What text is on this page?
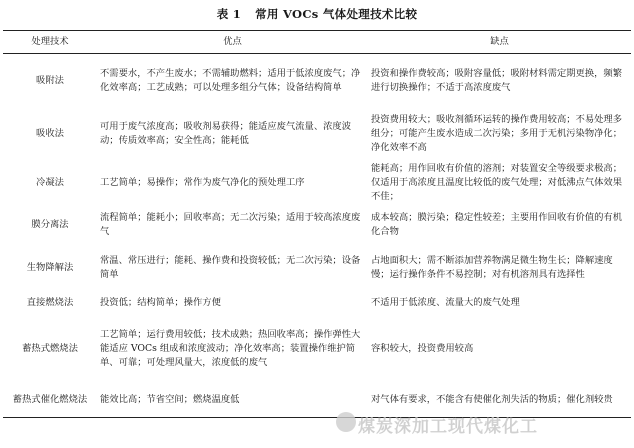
表 1 常用 VOCs 气体处理技术比较
处理技术	优点	缺点
吸附法	不需要水，不产生废水；不需辅助燃料；适用于低浓度废气；净化效率高；工艺成熟；可以处理多组分气体；设备结构简单	投资和操作费较高；吸附容量低；吸附材料需定期更换，频繁进行切换操作；不适于高浓度废气
吸收法	可用于废气浓度高；吸收剂易获得；能适应废气流量、浓度波动；传质效率高；安全性高；能耗低	投资费用较大；吸收剂循环运转的操作费用较高；不易处理多组分；可能产生废水造成二次污染；多用于无机污染物净化；净化效率不高
冷凝法	工艺简单；易操作；常作为废气净化的预处理工序	能耗高；用作回收有价值的溶剂；对装置安全等级要求极高；仅适用于高浓度且温度比较低的废气处理；对低沸点气体效果不佳；
膜分离法	流程简单；能耗小；回收率高；无二次污染；适用于较高浓度废气	成本较高；膜污染；稳定性较差；主要用作回收有价值的有机化合物
生物降解法	常温、常压进行；能耗、操作费和投资较低；无二次污染；设备简单	占地面积大；需不断添加营养物满足微生物生长；降解速度慢；运行操作条件不易控制；对有机溶剂具有选择性
直接燃烧法	投资低；结构简单；操作方便	不适用于低浓度、流量大的废气处理
蓄热式燃烧法	工艺简单；运行费用较低；技术成熟；热回收率高；操作弹性大能适应 VOCs 组成和浓度波动；净化效率高；装置操作维护简单、可靠；可处理风量大，浓度低的废气	容积较大，投资费用较高
蓄热式催化燃烧法	能效比高；节省空间；燃烧温度低	对气体有要求，不能含有使催化剂失活的物质；催化剂较贵
煤炭深加工现代煤化工
